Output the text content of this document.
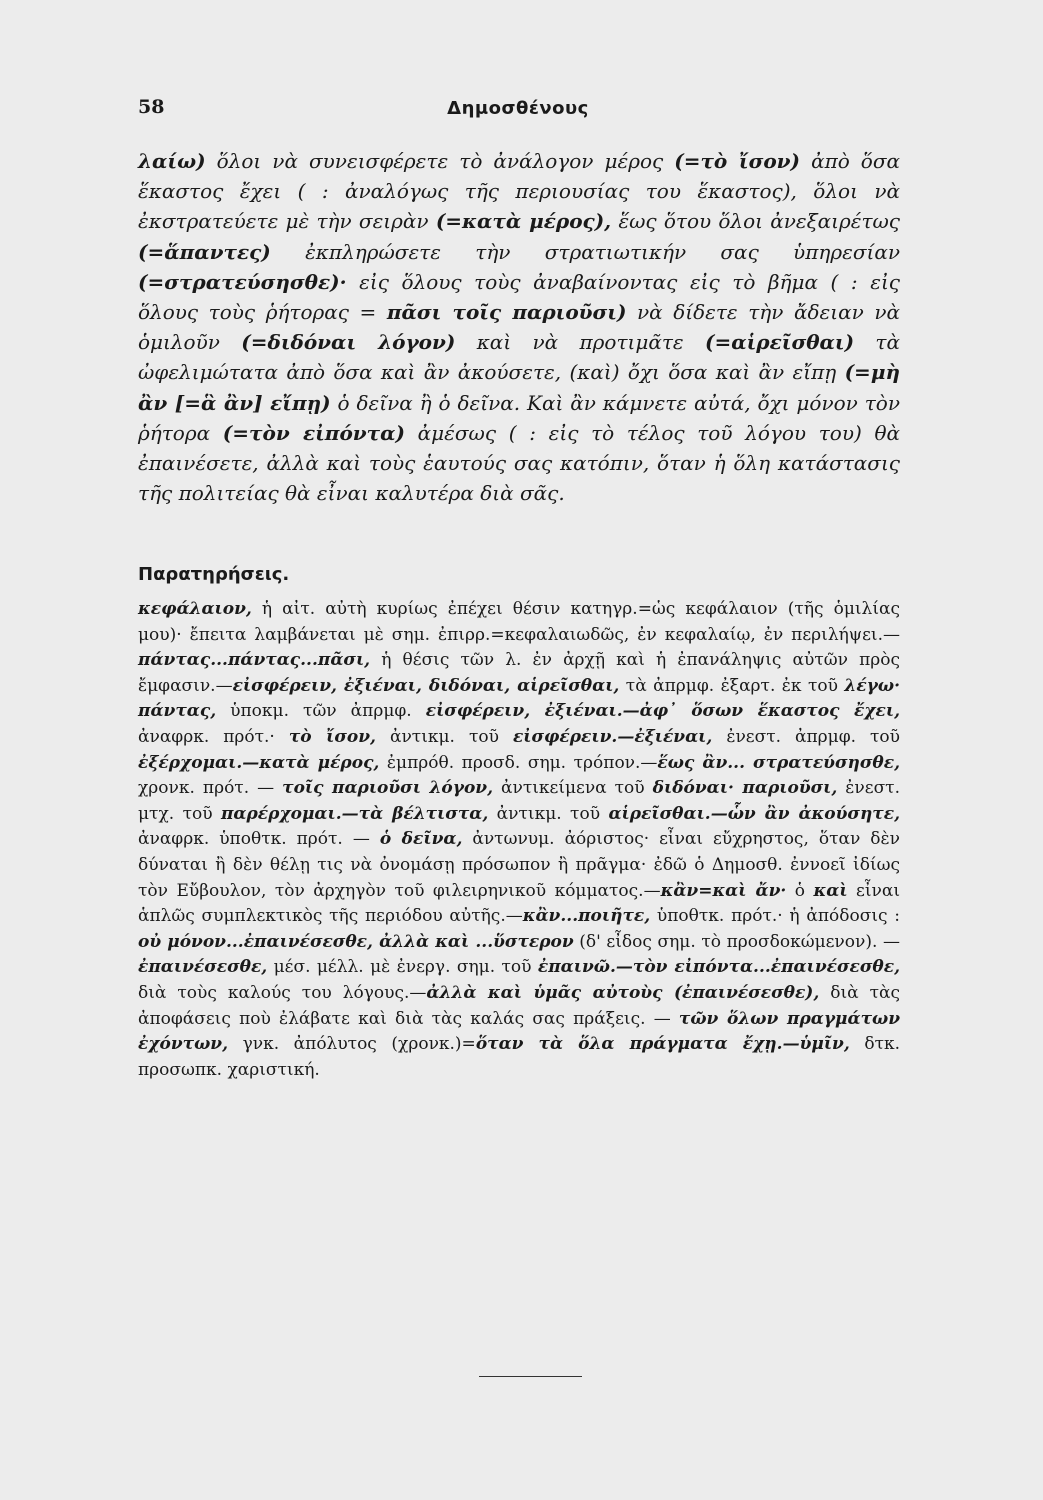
58	Δημοσθένους

λαίω) ὅλοι νὰ συνεισφέρετε τὸ ἀνάλογον μέρος (=τὸ ἴσον) ἀπὸ ὅσα ἕκαστος ἔχει ( : ἀναλόγως τῆς περιουσίας του ἕκαστος), ὅλοι νὰ ἐκστρατεύετε μὲ τὴν σειρὰν (=κατὰ μέρος), ἕως ὅτου ὅλοι ἀνεξαιρέτως (=ἅπαντες) ἐκπληρώσετε τὴν στρατιωτικήν σας ὑπηρεσίαν (=στρατεύσησθε)· εἰς ὅλους τοὺς ἀναβαίνοντας εἰς τὸ βῆμα ( : εἰς ὅλους τοὺς ῥήτορας = πᾶσι τοῖς παριοῦσι) νὰ δίδετε τὴν ἄδειαν νὰ ὁμιλοῦν (=διδόναι λόγον) καὶ νὰ προτιμᾶτε (=αἱρεῖσθαι) τὰ ὠφελιμώτατα ἀπὸ ὅσα καὶ ἂν ἀκούσετε, (καὶ) ὄχι ὅσα καὶ ἂν εἴπῃ (=μὴ ἂν [=ἃ ἂν] εἴπῃ) ὁ δεῖνα ἢ ὁ δεῖνα. Καὶ ἂν κάμνετε αὐτά, ὄχι μόνον τὸν ῥήτορα (=τὸν εἰπόντα) ἀμέσως ( : εἰς τὸ τέλος τοῦ λόγου του) θὰ ἐπαινέσετε, ἀλλὰ καὶ τοὺς ἑαυτούς σας κατόπιν, ὅταν ἡ ὅλη κατάστασις τῆς πολιτείας θὰ εἶναι καλυτέρα διὰ σᾶς.

Παρατηρήσεις.

κεφάλαιον, ἡ αἰτ. αὐτὴ κυρίως ἐπέχει θέσιν κατηγρ.=ὡς κεφάλαιον (τῆς ὁμιλίας μου)· ἔπειτα λαμβάνεται μὲ σημ. ἐπιρρ.=κεφαλαιωδῶς, ἐν κεφαλαίῳ, ἐν περιλήψει.—πάντας...πάντας...πᾶσι, ἡ θέσις τῶν λ. ἐν ἀρχῇ καὶ ἡ ἐπανάληψις αὐτῶν πρὸς ἔμφασιν.—εἰσφέρειν, ἐξιέναι, διδόναι, αἱρεῖσθαι, τὰ ἀπρμφ. ἐξαρτ. ἐκ τοῦ λέγω· πάντας, ὑποκμ. τῶν ἀπρμφ. εἰσφέρειν, ἐξιέναι.—ἀφ᾽ ὅσων ἕκαστος ἔχει, ἀναφρκ. πρότ.· τὸ ἴσον, ἀντικμ. τοῦ εἰσφέρειν.—ἐξιέναι, ἐνεστ. ἀπρμφ. τοῦ ἐξέρχομαι.—κατὰ μέρος, ἐμπρόθ. προσδ. σημ. τρόπον.—ἕως ἂν... στρατεύσησθε, χρονκ. πρότ. — τοῖς παριοῦσι λόγον, ἀντικείμενα τοῦ διδόναι· παριοῦσι, ἐνεστ. μτχ. τοῦ παρέρχομαι.—τὰ βέλτιστα, ἀντικμ. τοῦ αἱρεῖσθαι.—ὧν ἂν ἀκούσητε, ἀναφρκ. ὑποθτκ. πρότ. — ὁ δεῖνα, ἀντωνυμ. ἀόριστος· εἶναι εὔχρηστος, ὅταν δὲν δύναται ἢ δὲν θέλῃ τις νὰ ὀνομάσῃ πρόσωπον ἢ πρᾶγμα· ἐδῶ ὁ Δημοσθ. ἐννοεῖ ἰδίως τὸν Εὔβουλον, τὸν ἀρχηγὸν τοῦ φιλειρηνικοῦ κόμματος.—κἂν=καὶ ἄν· ὁ καὶ εἶναι ἁπλῶς συμπλεκτικὸς τῆς περιόδου αὐτῆς.—κἂν...ποιῆτε, ὑποθτκ. πρότ.· ἡ ἀπόδοσις : οὐ μόνον...ἐπαινέσεσθε, ἀλλὰ καὶ ...ὕστερον (δ' εἶδος σημ. τὸ προσδοκώμενον). — ἐπαινέσεσθε, μέσ. μέλλ. μὲ ἐνεργ. σημ. τοῦ ἐπαινῶ.—τὸν εἰπόντα...ἐπαινέσεσθε, διὰ τοὺς καλούς του λόγους.—ἀλλὰ καὶ ὑμᾶς αὐτοὺς (ἐπαινέσεσθε), διὰ τὰς ἀποφάσεις ποὺ ἐλάβατε καὶ διὰ τὰς καλάς σας πράξεις. — τῶν ὅλων πραγμάτων ἐχόντων, γνκ. ἀπόλυτος (χρονκ.)=ὅταν τὰ ὅλα πράγματα ἔχῃ.—ὑμῖν, δτκ. προσωπκ. χαριστική.
